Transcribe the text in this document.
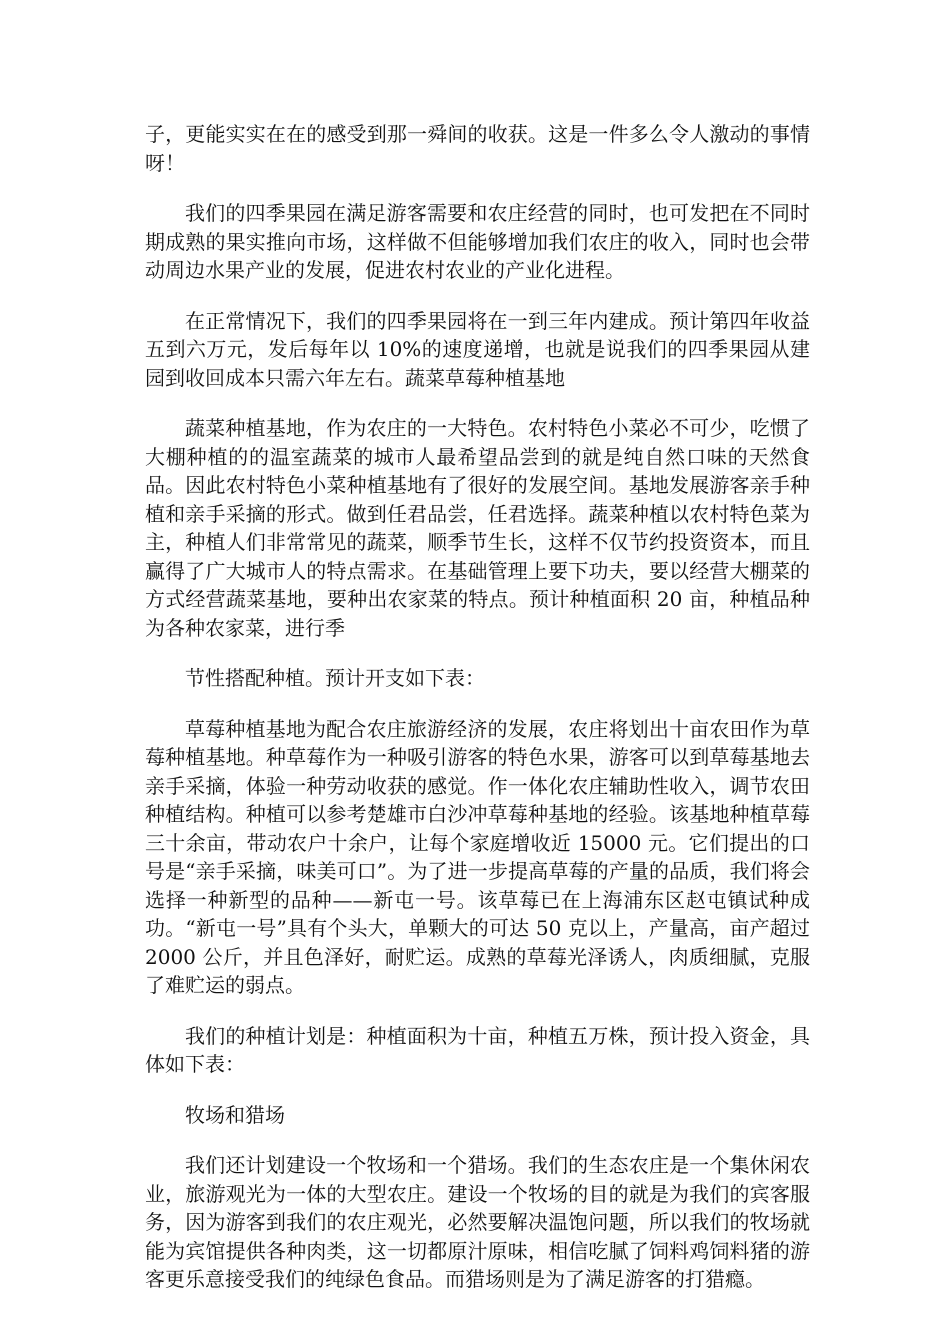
子，更能实实在在的感受到那一舜间的收获。这是一件多么令人激动的事情呀！

我们的四季果园在满足游客需要和农庄经营的同时，也可发把在不同时期成熟的果实推向市场，这样做不但能够增加我们农庄的收入，同时也会带动周边水果产业的发展，促进农村农业的产业化进程。

在正常情况下，我们的四季果园将在一到三年内建成。预计第四年收益五到六万元，发后每年以 10%的速度递增，也就是说我们的四季果园从建园到收回成本只需六年左右。蔬菜草莓种植基地

蔬菜种植基地，作为农庄的一大特色。农村特色小菜必不可少，吃惯了大棚种植的的温室蔬菜的城市人最希望品尝到的就是纯自然口味的天然食品。因此农村特色小菜种植基地有了很好的发展空间。基地发展游客亲手种植和亲手采摘的形式。做到任君品尝，任君选择。蔬菜种植以农村特色菜为主，种植人们非常常见的蔬菜，顺季节生长，这样不仅节约投资资本，而且赢得了广大城市人的特点需求。在基础管理上要下功夫，要以经营大棚菜的方式经营蔬菜基地，要种出农家菜的特点。预计种植面积 20 亩，种植品种为各种农家菜，进行季

节性搭配种植。预计开支如下表：

草莓种植基地为配合农庄旅游经济的发展，农庄将划出十亩农田作为草莓种植基地。种草莓作为一种吸引游客的特色水果，游客可以到草莓基地去亲手采摘，体验一种劳动收获的感觉。作一体化农庄辅助性收入，调节农田种植结构。种植可以参考楚雄市白沙冲草莓种基地的经验。该基地种植草莓三十余亩，带动农户十余户，让每个家庭增收近 15000 元。它们提出的口号是“亲手采摘，味美可口”。为了进一步提高草莓的产量的品质，我们将会选择一种新型的品种——新屯一号。该草莓已在上海浦东区赵屯镇试种成功。“新屯一号”具有个头大，单颗大的可达 50 克以上，产量高，亩产超过 2000 公斤，并且色泽好，耐贮运。成熟的草莓光泽诱人，肉质细腻，克服了难贮运的弱点。

我们的种植计划是：种植面积为十亩，种植五万株，预计投入资金，具体如下表：

牧场和猎场

我们还计划建设一个牧场和一个猎场。我们的生态农庄是一个集休闲农业，旅游观光为一体的大型农庄。建设一个牧场的目的就是为我们的宾客服务，因为游客到我们的农庄观光，必然要解决温饱问题，所以我们的牧场就能为宾馆提供各种肉类，这一切都原汁原味，相信吃腻了饲料鸡饲料猪的游客更乐意接受我们的纯绿色食品。而猎场则是为了满足游客的打猎瘾。
